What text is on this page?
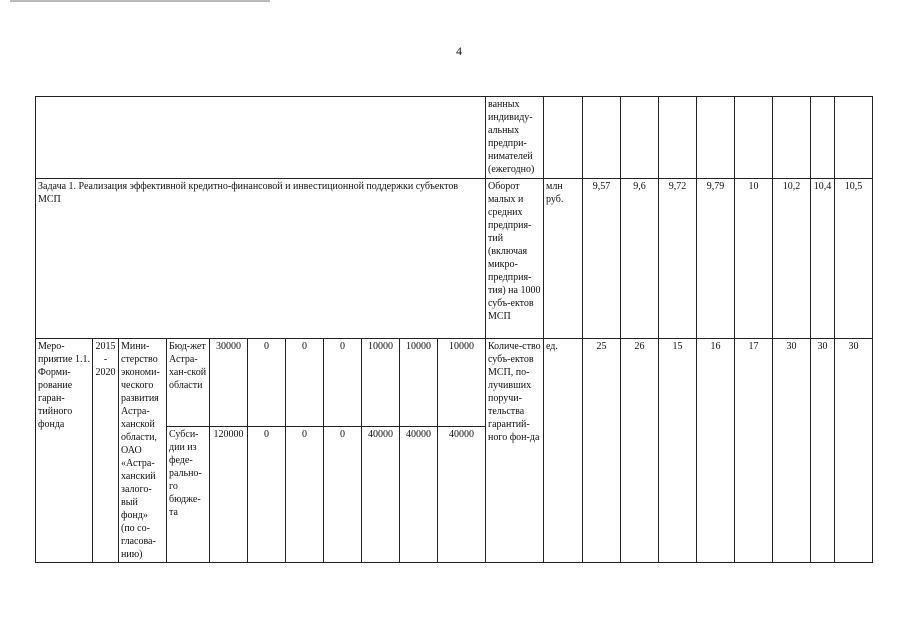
4
											ванных индивиду-альных предпри-нимателей (ежегодно)									
Задача 1. Реализация эффективной кредитно-финансовой и инвестиционной поддержки субъектов МСП											Оборот малых и средних предприя-тий (включая микро-предприя-тия) на 1000 субъ-ектов МСП	млн руб.	9,57	9,6	9,72	9,79	10	10,2	10,4	10,5
Меро-приятие 1.1. Форми-рование гаран-тийного фонда	2015 - 2020	Мини-стерство экономи-ческого развития Астра-ханской области, ОАО «Астра-ханский залого-вый фонд» (по со-гласова-нию)	Бюд-жет Астра-хан-ской области	30000	0	0	0	10000	10000	10000	Количе-ство субъ-ектов МСП, по-лучивших поручи-тельства гарантий-ного фон-да	ед.	25	26	15	16	17	30	30	30
			Субси-дии из феде-рально-го бюдже-та	120000	0	0	0	40000	40000	40000										
